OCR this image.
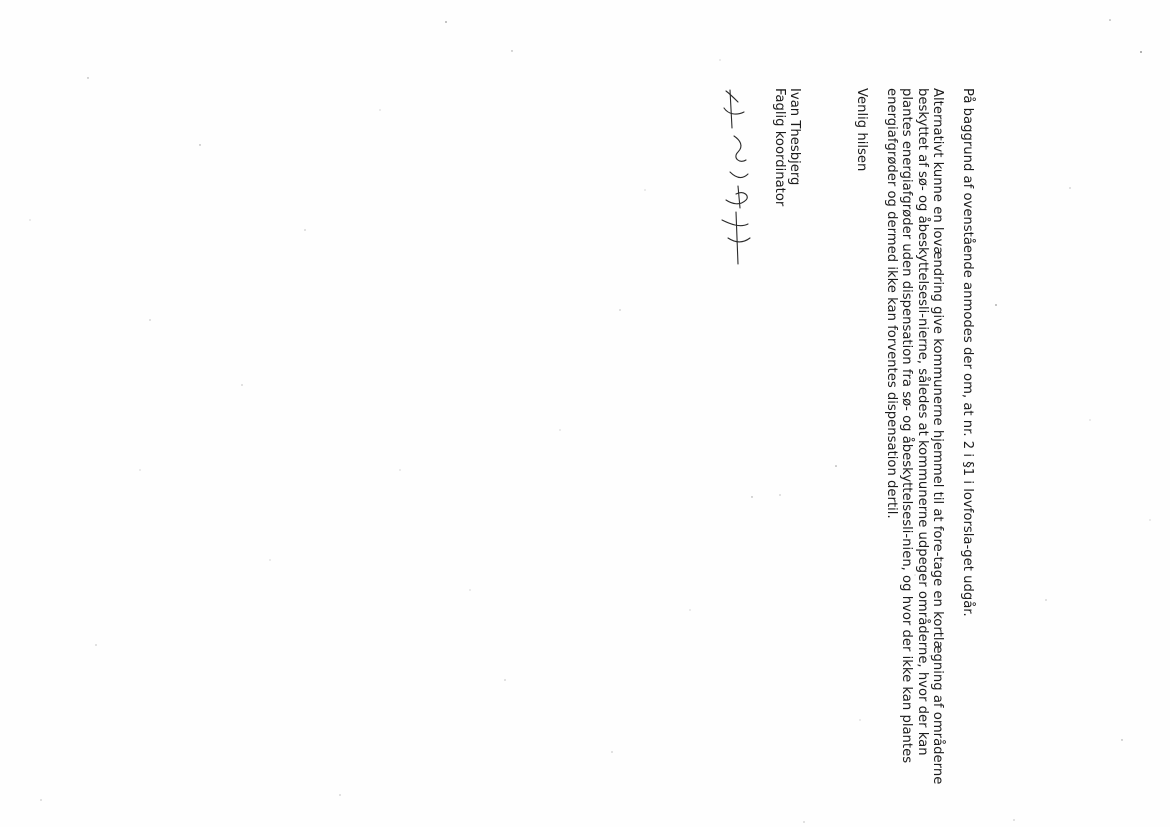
På baggrund af ovenstående anmodes der om, at nr. 2 i §1 i lovforsla-get udgår.

Alternativt kunne en lovændring give kommunerne hjemmel til at fore-tage en kortlægning af områderne beskyttet af sø- og åbeskyttelsesli-nierne, således at kommunerne udpeger områderne, hvor der kan plantes energiafgrøder uden dispensation fra sø- og åbeskyttelsesli-nien, og hvor der ikke kan plantes energiafgrøder og dermed ikke kan forventes dispensation dertil.

Venlig hilsen

Ivan Thesbjerg

Faglig koordinator
